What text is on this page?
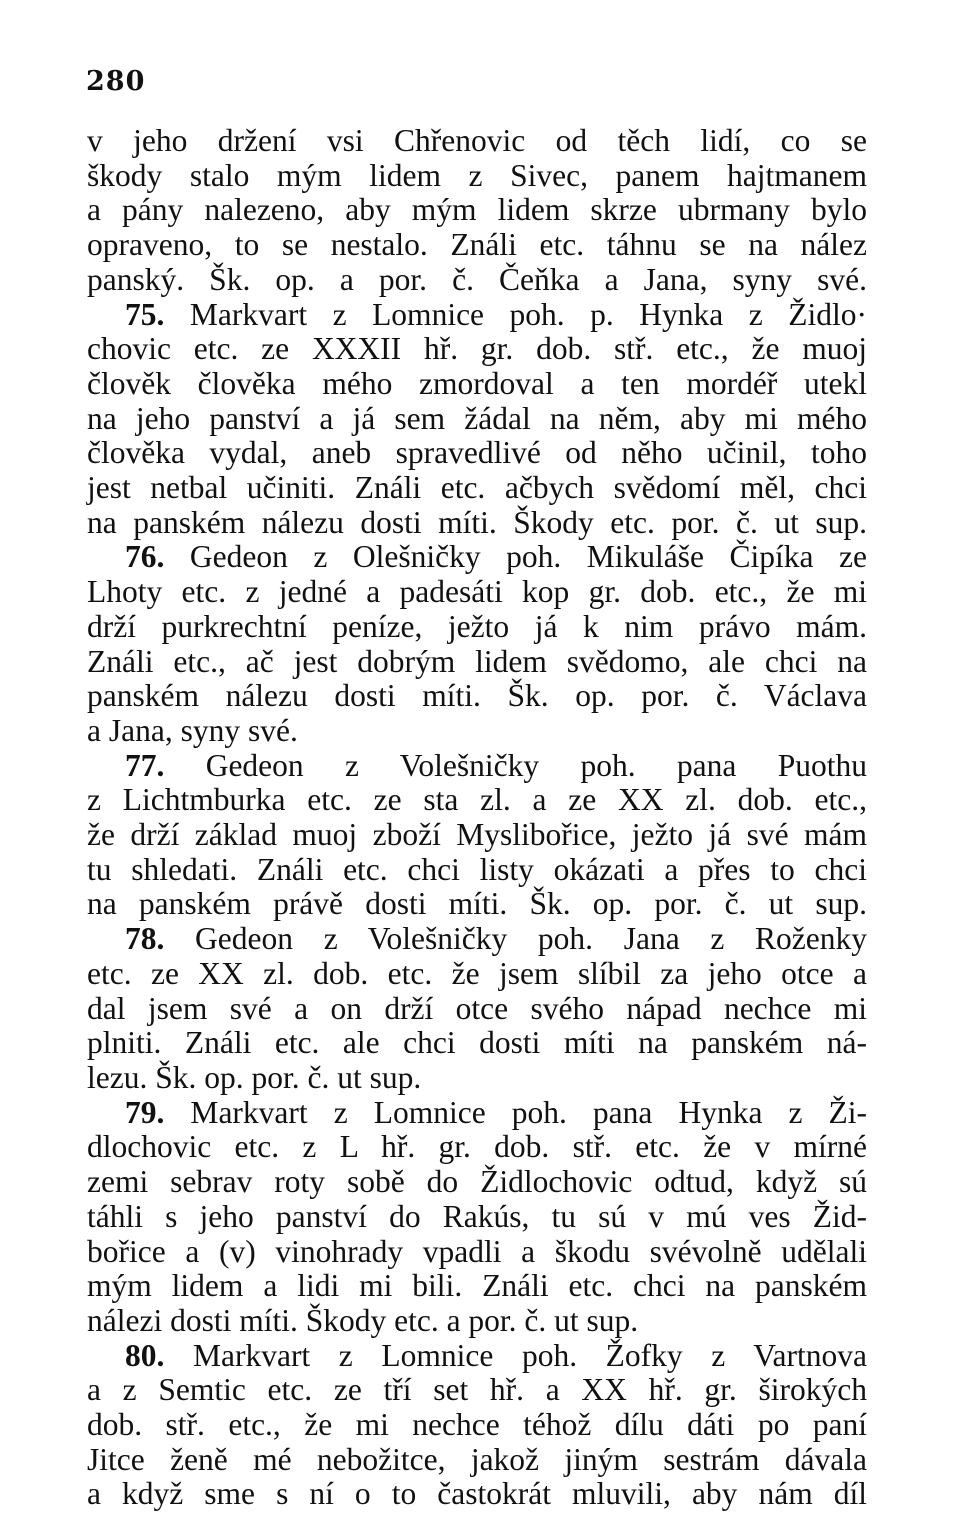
280
v jeho držení vsi Chřenovic od těch lidí, co se
škody stalo mým lidem z Sivec, panem hajtmanem
a pány nalezeno, aby mým lidem skrze ubrmany bylo
opraveno, to se nestalo. Ználi etc. táhnu se na nález
panský. Šk. op. a por. č. Čeňka a Jana, syny své.
75. Markvart z Lomnice poh. p. Hynka z Židlo·
chovic etc. ze XXXII hř. gr. dob. stř. etc., že muoj
člověk člověka mého zmordoval a ten mordéř utekl
na jeho panství a já sem žádal na něm, aby mi mého
člověka vydal, aneb spravedlivé od něho učinil, toho
jest netbal učiniti. Ználi etc. ačbych svědomí měl, chci
na panském nálezu dosti míti. Škody etc. por. č. ut sup.
76. Gedeon z Olešničky poh. Mikuláše Čipíka ze
Lhoty etc. z jedné a padesáti kop gr. dob. etc., že mi
drží purkrechtní peníze, ježto já k nim právo mám.
Ználi etc., ač jest dobrým lidem svědomo, ale chci na
panském nálezu dosti míti. Šk. op. por. č. Václava
a Jana, syny své.
77. Gedeon z Volešničky poh. pana Puothu
z Lichtmburka etc. ze sta zl. a ze XX zl. dob. etc.,
že drží základ muoj zboží Myslibořice, ježto já své mám
tu shledati. Ználi etc. chci listy okázati a přes to chci
na panském právě dosti míti. Šk. op. por. č. ut sup.
78. Gedeon z Volešničky poh. Jana z Roženky
etc. ze XX zl. dob. etc. že jsem slíbil za jeho otce a
dal jsem své a on drží otce svého nápad nechce mi
plniti. Ználi etc. ale chci dosti míti na panském ná-
lezu. Šk. op. por. č. ut sup.
79. Markvart z Lomnice poh. pana Hynka z Ži-
dlochovic etc. z L hř. gr. dob. stř. etc. že v mírné
zemi sebrav roty sobě do Židlochovic odtud, když sú
táhli s jeho panství do Rakús, tu sú v mú ves Žid-
bořice a (v) vinohrady vpadli a škodu svévolně udělali
mým lidem a lidi mi bili. Ználi etc. chci na panském
nálezi dosti míti. Škody etc. a por. č. ut sup.
80. Markvart z Lomnice poh. Žofky z Vartnova
a z Semtic etc. ze tří set hř. a XX hř. gr. širokých
dob. stř. etc., že mi nechce téhož dílu dáti po paní
Jitce ženě mé nebožitce, jakož jiným sestrám dávala
a když sme s ní o to častokrát mluvili, aby nám díl
